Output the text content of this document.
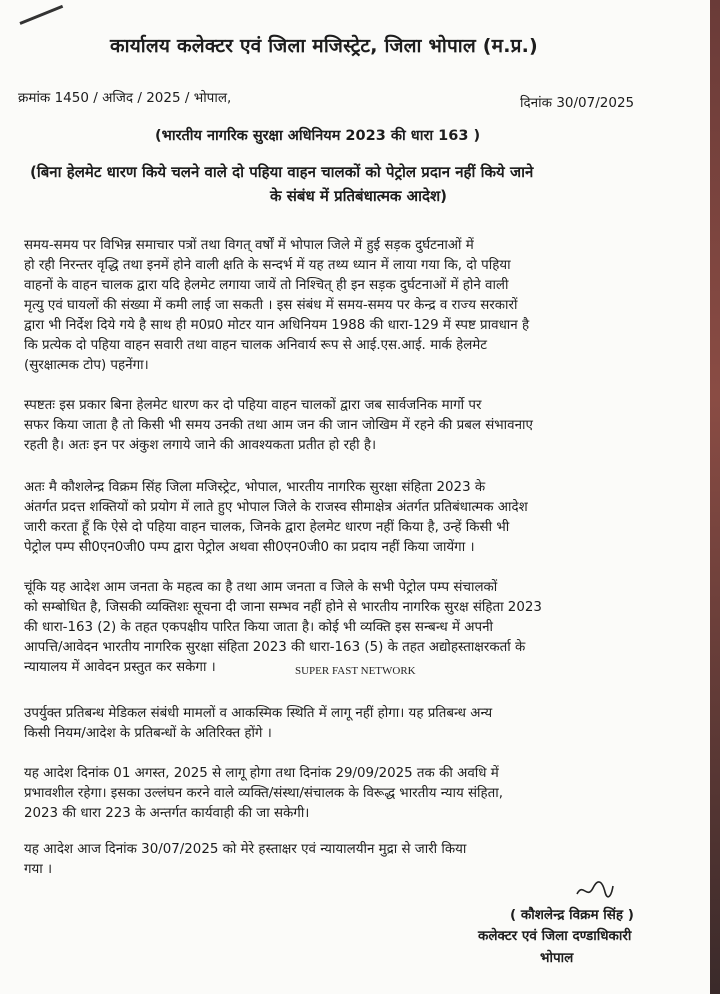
कार्यालय कलेक्टर एवं जिला मजिस्ट्रेट, जिला भोपाल (म.प्र.)
क्रमांक 1450 / अजिद / 2025 / भोपाल,	दिनांक 30/07/2025
(भारतीय नागरिक सुरक्षा अधिनियम 2023 की धारा 163 )
(बिना हेलमेट धारण किये चलने वाले दो पहिया वाहन चालकों को पेट्रोल प्रदान नहीं किये जाने
के संबंध में प्रतिबंधात्मक आदेश)
समय-समय पर विभिन्न समाचार पत्रों तथा विगत् वर्षों में भोपाल जिले में हुई सड़क दुर्घटनाओं में
हो रही निरन्तर वृद्धि तथा इनमें होने वाली क्षति के सन्दर्भ में यह तथ्य ध्यान में लाया गया कि, दो पहिया
वाहनों के वाहन चालक द्वारा यदि हेलमेट लगाया जायें तो निश्चित् ही इन सड़क दुर्घटनाओं में होने वाली
मृत्यु एवं घायलों की संख्या में कमी लाई जा सकती । इस संबंध में समय-समय पर केन्द्र व राज्य सरकारों
द्वारा भी निर्देश दिये गये है साथ ही म0प्र0 मोटर यान अधिनियम 1988 की धारा-129 में स्पष्ट प्रावधान है
कि प्रत्येक दो पहिया वाहन सवारी तथा वाहन चालक अनिवार्य रूप से आई.एस.आई. मार्क हेलमेट
(सुरक्षात्मक टोप) पहनेंगा।
स्पष्टतः इस प्रकार बिना हेलमेट धारण कर दो पहिया वाहन चालकों द्वारा जब सार्वजनिक मार्गो पर
सफर किया जाता है तो किसी भी समय उनकी तथा आम जन की जान जोखिम में रहने की प्रबल संभावनाए
रहती है। अतः इन पर अंकुश लगाये जाने की आवश्यकता प्रतीत हो रही है।
अतः मै कौशलेन्द्र विक्रम सिंह जिला मजिस्ट्रेट, भोपाल, भारतीय नागरिक सुरक्षा संहिता 2023 के
अंतर्गत प्रदत्त शक्तियों को प्रयोग में लाते हुए भोपाल जिले के राजस्व सीमाक्षेत्र अंतर्गत प्रतिबंधात्मक आदेश
जारी करता हूँ कि ऐसे दो पहिया वाहन चालक, जिनके द्वारा हेलमेट धारण नहीं किया है, उन्हें किसी भी
पेट्रोल पम्प सी0एन0जी0 पम्प द्वारा पेट्रोल अथवा सी0एन0जी0 का प्रदाय नहीं किया जायेंगा ।
चूंकि यह आदेश आम जनता के महत्व का है तथा आम जनता व जिले के सभी पेट्रोल पम्प संचालकों
को सम्बोधित है, जिसकी व्यक्तिशः सूचना दी जाना सम्भव नहीं होने से भारतीय नागरिक सुरक्ष संहिता 2023
की धारा-163 (2) के तहत एकपक्षीय पारित किया जाता है। कोई भी व्यक्ति इस सन्बन्ध में अपनी
आपत्ति/आवेदन भारतीय नागरिक सुरक्षा संहिता 2023 की धारा-163 (5) के तहत अद्योहस्ताक्षरकर्ता के
न्यायालय में आवेदन प्रस्तुत कर सकेगा ।	SUPER FAST NETWORK
उपर्युक्त प्रतिबन्ध मेडिकल संबंधी मामलों व आकस्मिक स्थिति में लागू नहीं होगा। यह प्रतिबन्ध अन्य
किसी नियम/आदेश के प्रतिबन्धों के अतिरिक्त होंगे ।
यह आदेश दिनांक 01 अगस्त, 2025 से लागू होगा तथा दिनांक 29/09/2025 तक की अवधि में
प्रभावशील रहेगा। इसका उल्लंघन करने वाले व्यक्ति/संस्था/संचालक के विरूद्ध भारतीय न्याय संहिता,
2023 की धारा 223 के अन्तर्गत कार्यवाही की जा सकेगी।
यह आदेश आज दिनांक 30/07/2025 को मेरे हस्ताक्षर एवं न्यायालयीन मुद्रा से जारी किया
गया ।
( कौशलेन्द्र विक्रम सिंह )
कलेक्टर एवं जिला दण्डाधिकारी
भोपाल
